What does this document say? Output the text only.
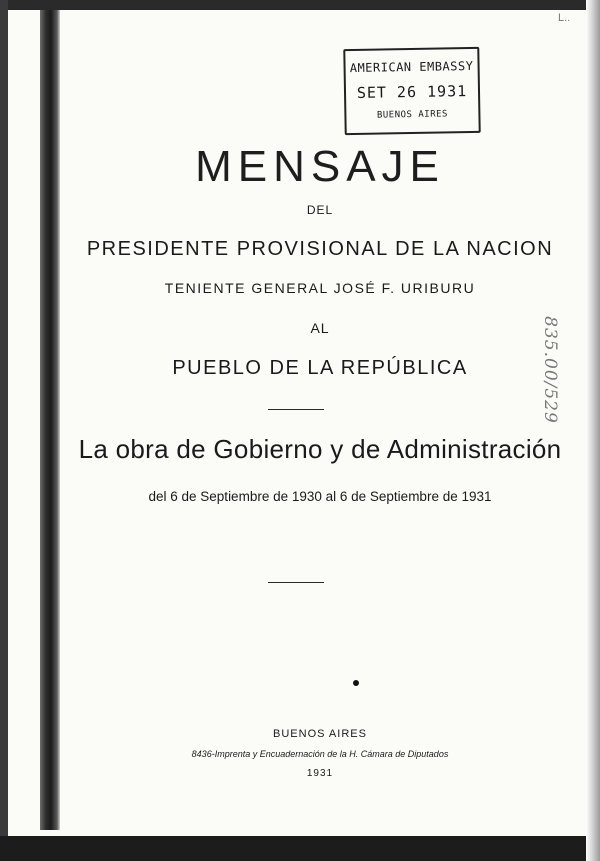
L..
AMERICAN EMBASSY
SET 26 1931
BUENOS AIRES
835.00/529
MENSAJE
DEL
PRESIDENTE PROVISIONAL DE LA NACION
TENIENTE GENERAL JOSÉ F. URIBURU
AL
PUEBLO DE LA REPÚBLICA
La obra de Gobierno y de Administración
del 6 de Septiembre de 1930 al 6 de Septiembre de 1931
BUENOS AIRES
8436-Imprenta y Encuadernación de la H. Cámara de Diputados
1931
